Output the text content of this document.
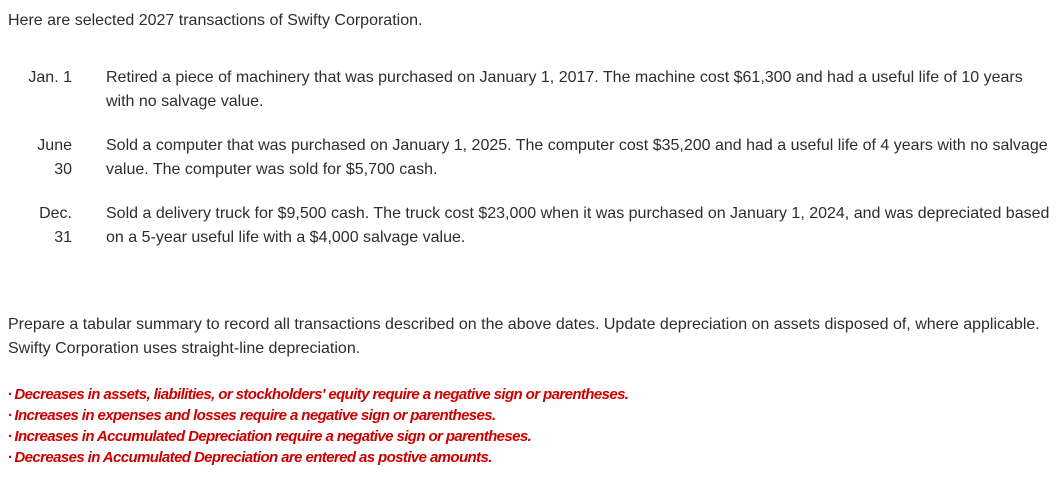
Here are selected 2027 transactions of Swifty Corporation.
Jan. 1 Retired a piece of machinery that was purchased on January 1, 2017. The machine cost $61,300 and had a useful life of 10 years with no salvage value.
June
30
Sold a computer that was purchased on January 1, 2025. The computer cost $35,200 and had a useful life of 4 years with no salvage value. The computer was sold for $5,700 cash.
Dec.
31
Sold a delivery truck for $9,500 cash. The truck cost $23,000 when it was purchased on January 1, 2024, and was depreciated based on a 5-year useful life with a $4,000 salvage value.
Prepare a tabular summary to record all transactions described on the above dates. Update depreciation on assets disposed of, where applicable. Swifty Corporation uses straight-line depreciation.
· Decreases in assets, liabilities, or stockholders' equity require a negative sign or parentheses.
· Increases in expenses and losses require a negative sign or parentheses.
· Increases in Accumulated Depreciation require a negative sign or parentheses.
· Decreases in Accumulated Depreciation are entered as postive amounts.
